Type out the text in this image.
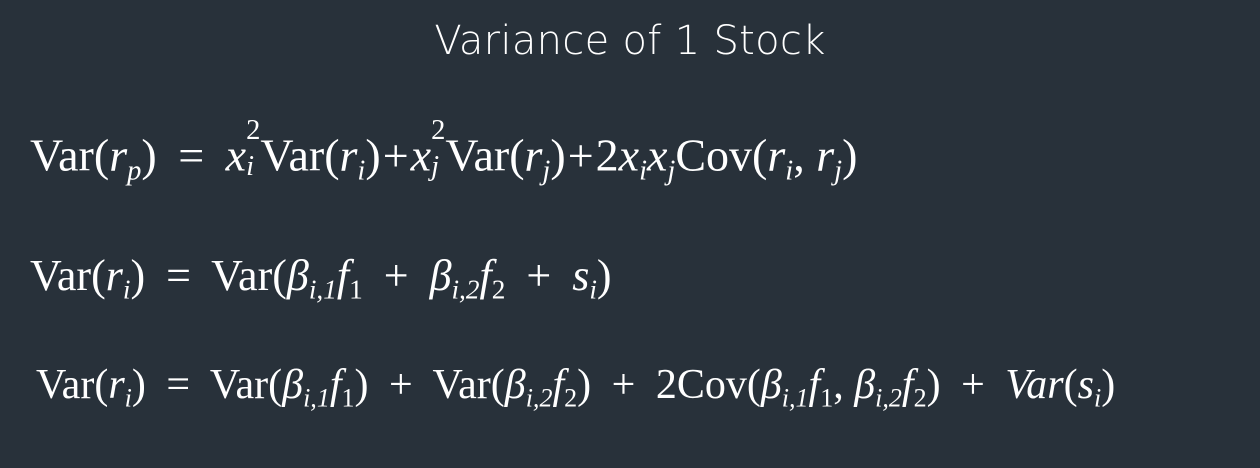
Variance of 1 Stock
$Var(r_p) = x$ 2
i $Var(r_i)+x$ 2
j $Var(r_j)+2x_ix_jCov(r_i$, $r_j$)
$Var(r_i) = Var(\beta_{i,1}f_1 + \beta_{i,2}f_2 + s_i)$
$Var(r_i) = Var(\beta_{i,1}f_1) + Var(\beta_{i,2}f_2) + 2Cov(\beta_{i,1}f_1$, $\beta_{i,2}f_2) + Var(s_i)$
